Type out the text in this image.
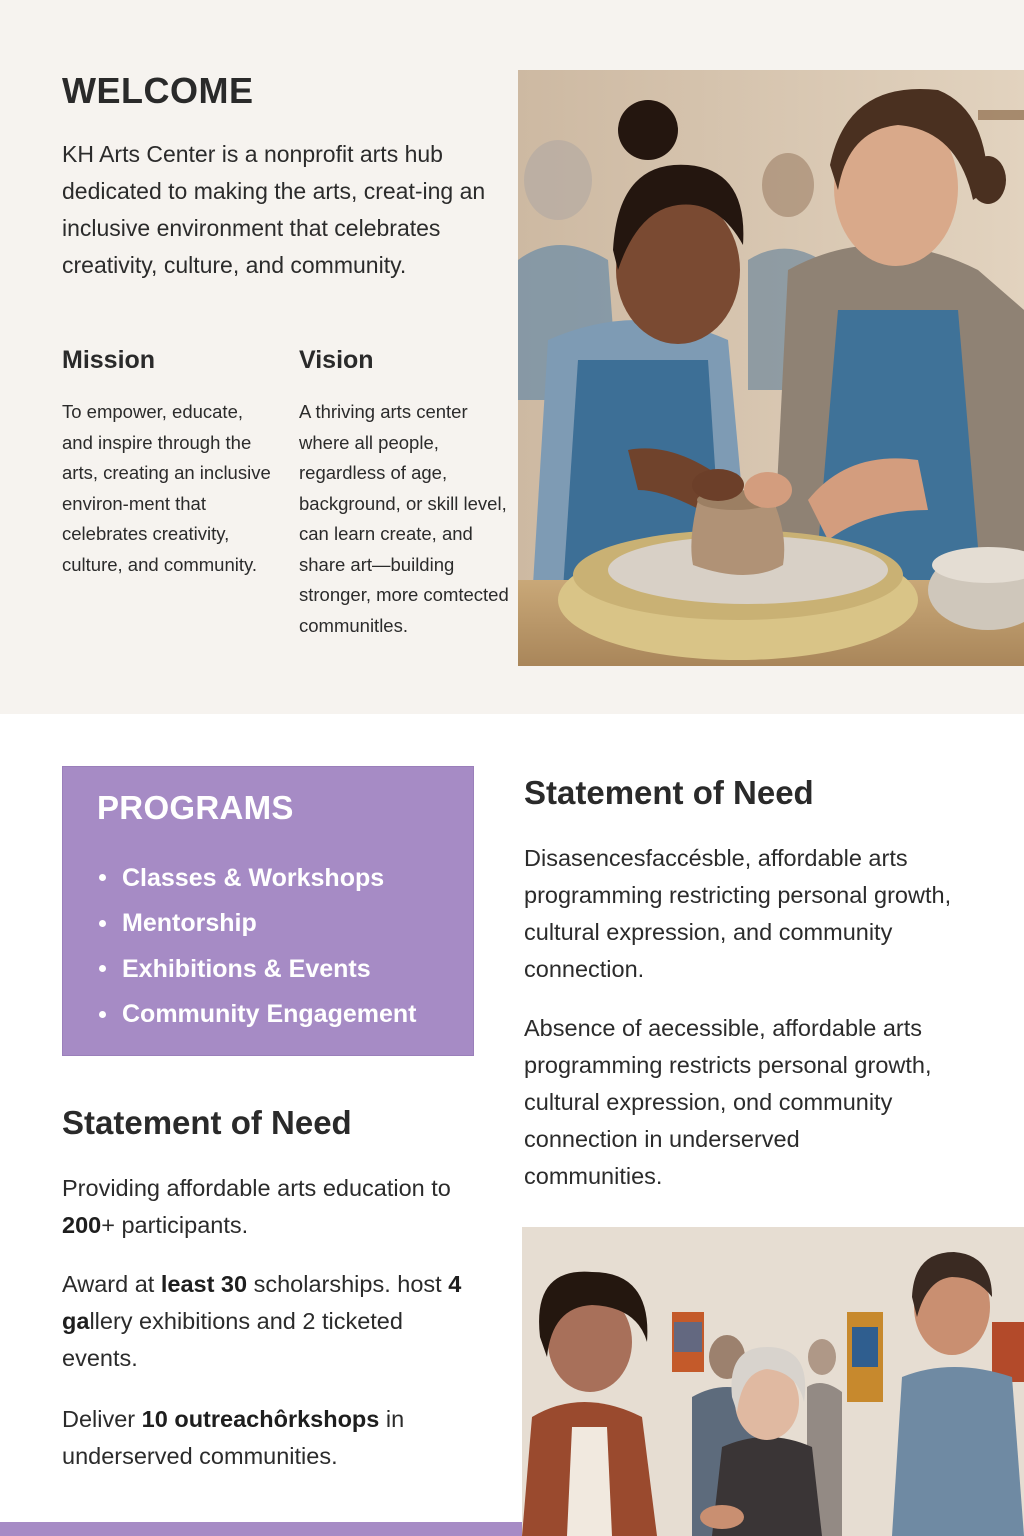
WELCOME

KH Arts Center is a nonprofit arts hub dedicated to making the arts, creat-ing an inclusive environment that celebrates creativity, culture, and community.

Mission

To empower, educate, and inspire through the arts, creating an inclusive environ-ment that celebrates creativity, culture, and community.

Vision

A thriving arts center where all people, regardless of age, background, or skill level, can learn create, and share art—building stronger, more comtected communitles.

PROGRAMS
Classes & Workshops
Mentorship
Exhibitions & Events
Community Engagement
Statement of Need

Providing affordable arts education to 200+ participants.

Award at least 30 scholarships. host 4 gallery exhibitions and 2 ticketed events.

Deliver 10 outreachôrkshops in underserved communities.

Statement of Need

Disasencesfaccésble, affordable arts programming restricting personal growth, cultural expression, and community connection.

Absence of aecessible, affordable arts programming restricts personal growth, cultural expression, ond community connection in underserved communities.
